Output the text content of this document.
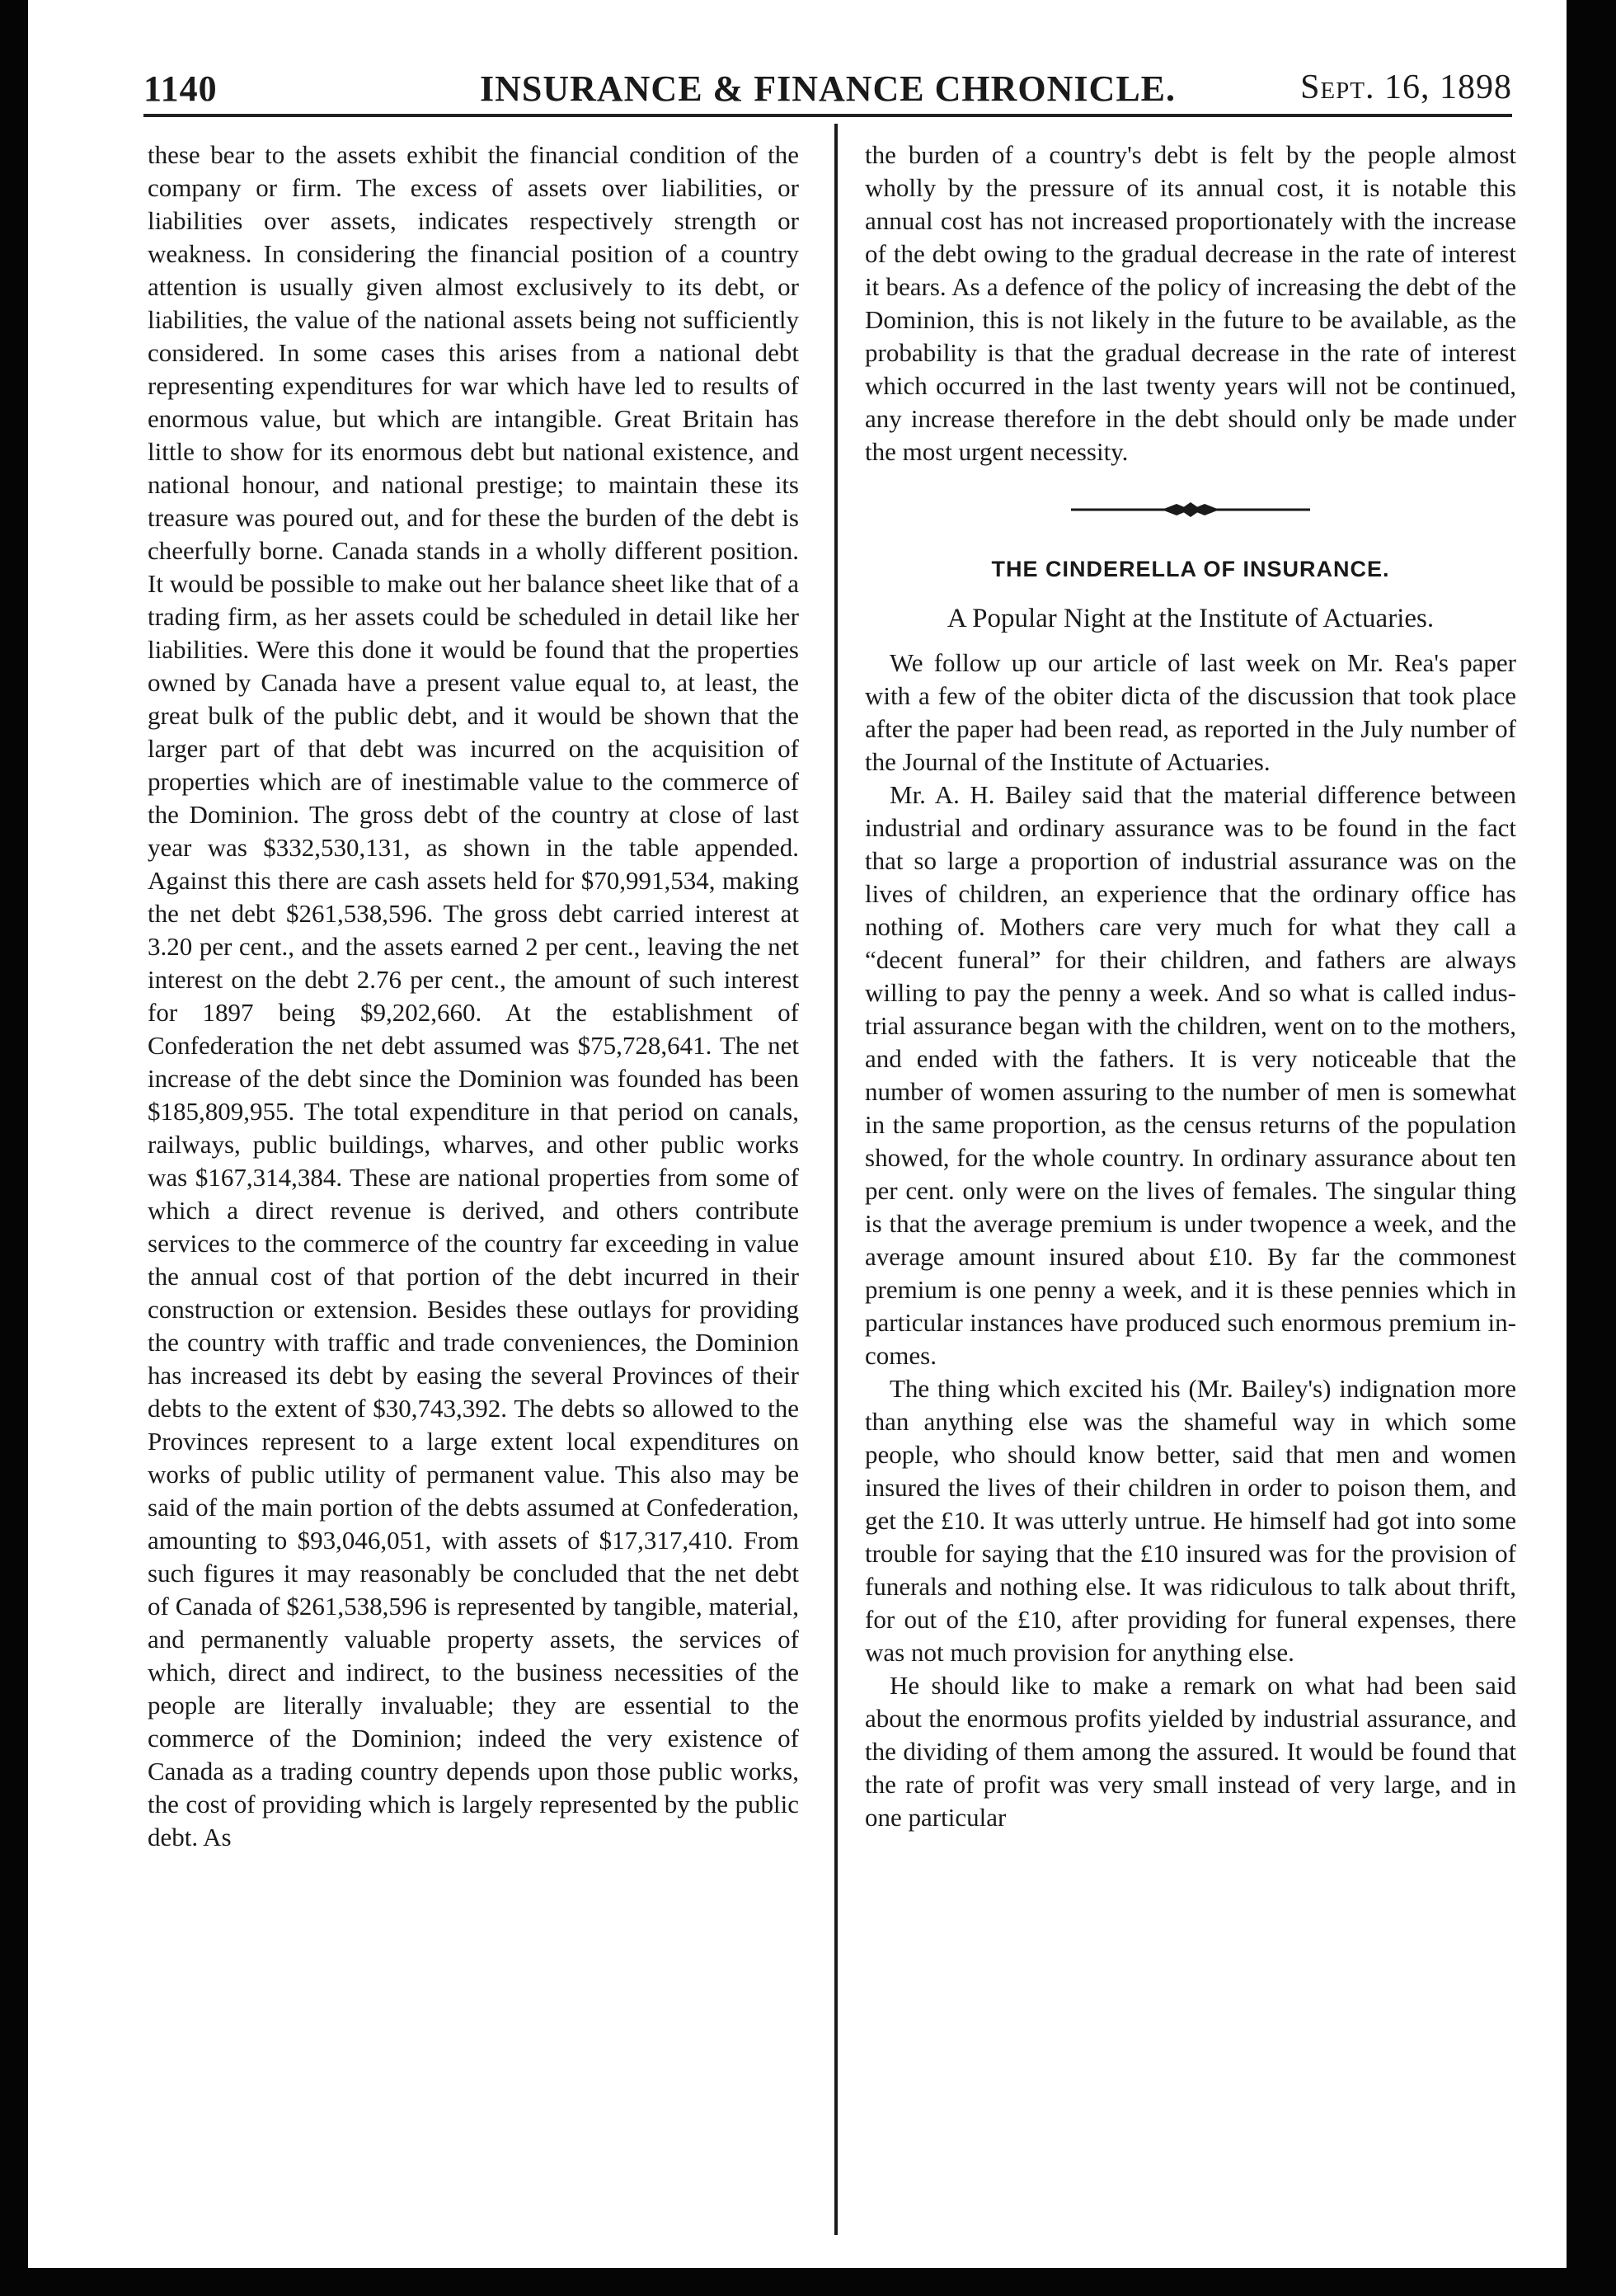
1140	INSURANCE & FINANCE CHRONICLE.	Sept. 16, 1898

these bear to the assets exhibit the financial condition of the company or firm. The excess of assets over liabilities, or liabilities over assets, indicates respectively strength or weakness. In considering the financial position of a country attention is usually given almost exclusively to its debt, or liabilities, the value of the national assets being not sufficiently considered. In some cases this arises from a national debt representing expenditures for war which have led to results of enormous value, but which are intangible. Great Britain has little to show for its enormous debt but national existence, and national honour, and national prestige; to maintain these its treasure was poured out, and for these the burden of the debt is cheerfully borne. Canada stands in a wholly different position. It would be possible to make out her balance sheet like that of a trading firm, as her assets could be scheduled in detail like her liabilities. Were this done it would be found that the properties owned by Canada have a present value equal to, at least, the great bulk of the public debt, and it would be shown that the larger part of that debt was incurred on the acquisition of properties which are of inestimable value to the commerce of the Dominion. The gross debt of the country at close of last year was $332,530,131, as shown in the table appended. Against this there are cash assets held for $70,991,534, making the net debt $261,538,596. The gross debt carried interest at 3.20 per cent., and the assets earned 2 per cent., leaving the net interest on the debt 2.76 per cent., the amount of such interest for 1897 being $9,202,660. At the establishment of Confederation the net debt assumed was $75,728,641. The net increase of the debt since the Dominion was founded has been $185,809,955. The total expenditure in that period on canals, railways, public buildings, wharves, and other public works was $167,314,384. These are national properties from some of which a direct revenue is derived, and others contribute services to the commerce of the country far exceeding in value the annual cost of that portion of the debt incurred in their construction or extension. Besides these outlays for providing the country with traffic and trade conveniences, the Dominion has increased its debt by easing the several Provinces of their debts to the extent of $30,743,392. The debts so allowed to the Provinces represent to a large extent local expenditures on works of public utility of permanent value. This also may be said of the main portion of the debts assumed at Confederation, amounting to $93,046,051, with assets of $17,317,410. From such figures it may reasonably be concluded that the net debt of Canada of $261,538,596 is represented by tangible, material, and permanently valuable property assets, the services of which, direct and indirect, to the business necessities of the people are literally invaluable; they are essential to the commerce of the Dominion; indeed the very existence of Canada as a trading country depends upon those public works, the cost of providing which is largely represented by the public debt. As

the burden of a country's debt is felt by the people almost wholly by the pressure of its annual cost, it is notable this annual cost has not increased proportionately with the increase of the debt owing to the gradual decrease in the rate of interest it bears. As a defence of the policy of increasing the debt of the Dominion, this is not likely in the future to be available, as the probability is that the gradual decrease in the rate of interest which occurred in the last twenty years will not be continued, any increase therefore in the debt should only be made under the most urgent necessity.

THE CINDERELLA OF INSURANCE.
A Popular Night at the Institute of Actuaries.

We follow up our article of last week on Mr. Rea's paper with a few of the obiter dicta of the discussion that took place after the paper had been read, as reported in the July number of the Journal of the Institute of Actuaries.

Mr. A. H. Bailey said that the material difference between industrial and ordinary assurance was to be found in the fact that so large a proportion of industrial assurance was on the lives of children, an experience that the ordinary office has nothing of. Mothers care very much for what they call a “decent funeral” for their children, and fathers are always willing to pay the penny a week. And so what is called industrial assurance began with the children, went on to the mothers, and ended with the fathers. It is very noticeable that the number of women assuring to the number of men is somewhat in the same proportion, as the census returns of the population showed, for the whole country. In ordinary assurance about ten per cent. only were on the lives of females. The singular thing is that the average premium is under twopence a week, and the average amount insured about £10. By far the commonest premium is one penny a week, and it is these pennies which in particular instances have produced such enormous premium incomes.

The thing which excited his (Mr. Bailey's) indignation more than anything else was the shameful way in which some people, who should know better, said that men and women insured the lives of their children in order to poison them, and get the £10. It was utterly untrue. He himself had got into some trouble for saying that the £10 insured was for the provision of funerals and nothing else. It was ridiculous to talk about thrift, for out of the £10, after providing for funeral expenses, there was not much provision for anything else.

He should like to make a remark on what had been said about the enormous profits yielded by industrial assurance, and the dividing of them among the assured. It would be found that the rate of profit was very small instead of very large, and in one particular
